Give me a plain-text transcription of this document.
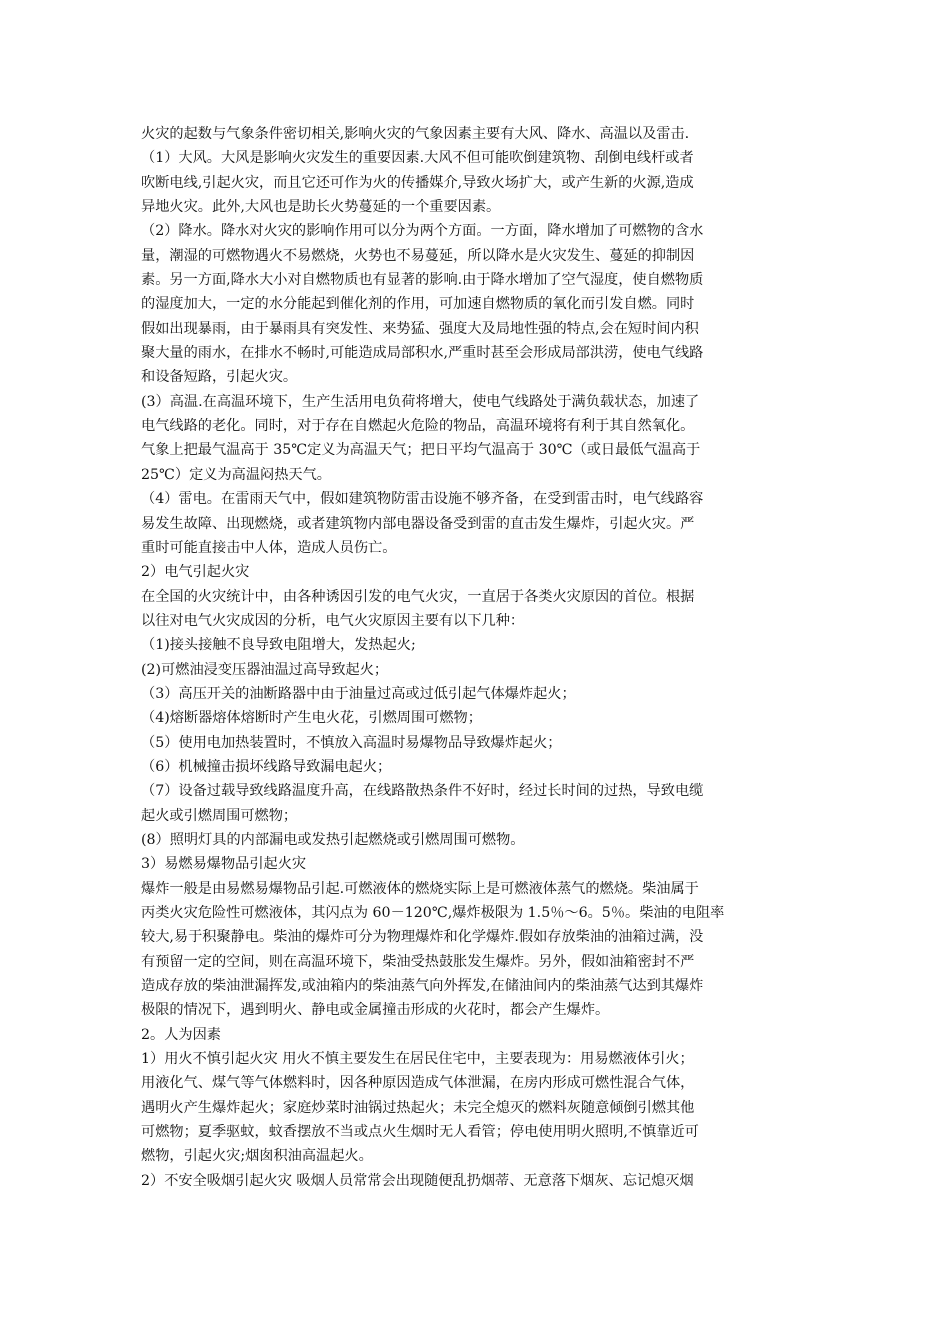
火灾的起数与气象条件密切相关,影响火灾的气象因素主要有大风、降水、高温以及雷击.
（1）大风。大风是影响火灾发生的重要因素.大风不但可能吹倒建筑物、刮倒电线杆或者
吹断电线,引起火灾，而且它还可作为火的传播媒介,导致火场扩大，或产生新的火源,造成
异地火灾。此外,大风也是助长火势蔓延的一个重要因素。
（2）降水。降水对火灾的影响作用可以分为两个方面。一方面，降水增加了可燃物的含水
量，潮湿的可燃物遇火不易燃烧，火势也不易蔓延，所以降水是火灾发生、蔓延的抑制因
素。另一方面,降水大小对自燃物质也有显著的影响.由于降水增加了空气湿度，使自燃物质
的湿度加大，一定的水分能起到催化剂的作用，可加速自燃物质的氧化而引发自燃。同时
假如出现暴雨，由于暴雨具有突发性、来势猛、强度大及局地性强的特点,会在短时间内积
聚大量的雨水，在排水不畅时,可能造成局部积水,严重时甚至会形成局部洪涝，使电气线路
和设备短路，引起火灾。
(3）高温.在高温环境下，生产生活用电负荷将增大，使电气线路处于满负载状态，加速了
电气线路的老化。同时，对于存在自燃起火危险的物品，高温环境将有利于其自然氧化。
气象上把最气温高于 35℃定义为高温天气；把日平均气温高于 30℃（或日最低气温高于
25℃）定义为高温闷热天气。
（4）雷电。在雷雨天气中，假如建筑物防雷击设施不够齐备，在受到雷击时，电气线路容
易发生故障、出现燃烧，或者建筑物内部电器设备受到雷的直击发生爆炸，引起火灾。严
重时可能直接击中人体，造成人员伤亡。
2）电气引起火灾
在全国的火灾统计中，由各种诱因引发的电气火灾，一直居于各类火灾原因的首位。根据
以往对电气火灾成因的分析，电气火灾原因主要有以下几种：
（1)接头接触不良导致电阻增大，发热起火;
(2)可燃油浸变压器油温过高导致起火；
（3）高压开关的油断路器中由于油量过高或过低引起气体爆炸起火；
（4)熔断器熔体熔断时产生电火花，引燃周围可燃物；
（5）使用电加热装置时，不慎放入高温时易爆物品导致爆炸起火；
（6）机械撞击损坏线路导致漏电起火；
（7）设备过载导致线路温度升高，在线路散热条件不好时，经过长时间的过热，导致电缆
起火或引燃周围可燃物；
(8）照明灯具的内部漏电或发热引起燃烧或引燃周围可燃物。
3）易燃易爆物品引起火灾
爆炸一般是由易燃易爆物品引起.可燃液体的燃烧实际上是可燃液体蒸气的燃烧。柴油属于
丙类火灾危险性可燃液体，其闪点为 60－120℃,爆炸极限为 1.5％～6。5％。柴油的电阻率
较大,易于积聚静电。柴油的爆炸可分为物理爆炸和化学爆炸.假如存放柴油的油箱过满，没
有预留一定的空间，则在高温环境下，柴油受热鼓胀发生爆炸。另外，假如油箱密封不严
造成存放的柴油泄漏挥发,或油箱内的柴油蒸气向外挥发,在储油间内的柴油蒸气达到其爆炸
极限的情况下，遇到明火、静电或金属撞击形成的火花时，都会产生爆炸。
2。人为因素
1）用火不慎引起火灾 用火不慎主要发生在居民住宅中，主要表现为：用易燃液体引火；
用液化气、煤气等气体燃料时，因各种原因造成气体泄漏，在房内形成可燃性混合气体，
遇明火产生爆炸起火；家庭炒菜时油锅过热起火；未完全熄灭的燃料灰随意倾倒引燃其他
可燃物；夏季驱蚊，蚊香摆放不当或点火生烟时无人看管；停电使用明火照明,不慎靠近可
燃物，引起火灾;烟囱积油高温起火。
2）不安全吸烟引起火灾 吸烟人员常常会出现随便乱扔烟蒂、无意落下烟灰、忘记熄灭烟
